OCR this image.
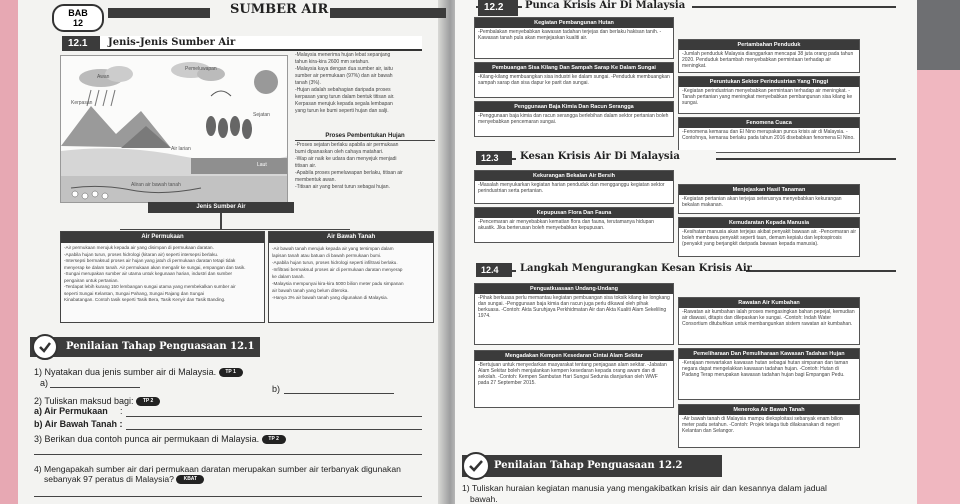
BAB
12
SUMBER AIR
12.1	Jenis-Jenis Sumber Air
Awan
Pemeluwapan
Kerpasan
Sejatan
Air larian
Laut
Aliran air bawah tanah
-Malaysia menerima hujan lebat sepanjang
tahun kira-kira 2600 mm setahun.
-Malaysia kaya dengan dua sumber air, iaitu
sumber air permukaan (97%) dan air bawah
tanah (3%).
-Hujan adalah sebahagian daripada proses
kerpasan yang turun dalam bentuk titisan air.
Kerpasan merujuk kepada segala lembapan
yang turun ke bumi seperti hujan dan salji.
Proses Pembentukan Hujan
-Proses sejatan berlaku apabila air permukaan
bumi dipanaskan oleh cahaya matahari.
-Wap air naik ke udara dan menyejuk menjadi
titisan air.
-Apabila proses pemeluwapan berlaku, titisan air
membentuk awan.
-Titisan air yang berat turun sebagai hujan.
Jenis Sumber Air
Air Permukaan
-Air permukaan merujuk kepada air yang disimpan di permukaan daratan.
-Apabila hujan turun, proses hidrologi (kitaran air) seperti intersepsi berlaku.
-Intersepsi bermaksud proses air hujan yang jatuh di permukaan daratan tetapi tidak
menyerap ke dalam tanah. Air permukaan akan mengalir ke sungai, empangan dan tasik.
-Sungai merupakan sumber air utama untuk kegunaan harian, industri dan sumber
pengairan untuk pertanian.
-Terdapat lebih kurang 150 lembangan sungai utama yang membekalkan sumber air
seperti Sungai Kelantan, Sungai Pahang, Sungai Rajang dan Sungai
Kinabatangan. Contoh tasik seperti Tasik Bera, Tasik Kenyir dan Tasik Banding.
Air Bawah Tanah
-Air bawah tanah merujuk kepada air yang tersimpan dalam
lapisan tanah atau batuan di bawah permukaan bumi.
-Apabila hujan turun, proses hidrologi seperti infiltrasi berlaku.
-Infiltrasi bermaksud proses air di permukaan daratan menyerap
ke dalam tanah.
-Malaysia mempunyai kira-kira 5000 bilion meter padu simpanan
air bawah tanah yang belum diteroka.
-Hanya 3% air bawah tanah yang digunakan di Malaysia.
Penilaian Tahap Penguasaan 12.1
1) Nyatakan dua jenis sumber air di Malaysia. TP 1
a)
b)
2) Tuliskan maksud bagi: TP 2
a) Air Permukaan :
b) Air Bawah Tanah :
3) Berikan dua contoh punca air permukaan di Malaysia. TP 2
4) Mengapakah sumber air dari permukaan daratan merupakan sumber air terbanyak digunakan
sebanyak 97 peratus di Malaysia? KBAT
12.2	Punca Krisis Air Di Malaysia
Kegiatan Pembangunan Hutan
-Pembalakan menyebabkan kawasan tadahan terjejas dan berlaku hakisan tanih. -Kawasan tanah pula akan menjejaskan kualiti air.
Pertambahan Penduduk
-Jumlah penduduk Malaysia dianggarkan mencapai 38 juta orang pada tahun 2020. Penduduk bertambah menyebabkan permintaan terhadap air meningkat.
Pembuangan Sisa Kilang Dan Sampah Sarap Ke Dalam Sungai
-Kilang-kilang membuangkan sisa industri ke dalam sungai. -Penduduk membuangkan sampah sarap dan sisa dapur ke parit dan sungai.	Peruntukan Sektor Perindustrian Yang Tinggi
-Kegiatan perindustrian menyebabkan permintaan terhadap air meningkat. -Tanah pertanian yang meningkat menyebabkan pembangunan sisa kilang ke sungai.
Penggunaan Baja Kimia Dan Racun Serangga
-Penggunaan baja kimia dan racun serangga berlebihan dalam sektor pertanian boleh menyebabkan pencemaran sungai.	Fenomena Cuaca
-Fenomena kemarau dan El Nino merupakan punca krisis air di Malaysia. -Contohnya, kemarau berlaku pada tahun 2016 disebabkan fenomena El Nino.
12.3	Kesan Krisis Air Di Malaysia
Kekurangan Bekalan Air Bersih
-Masalah menyukarkan kegiatan harian penduduk dan mengganggu kegiatan sektor perindustrian serta pertanian.	Menjejaskan Hasil Tanaman
-Kegiatan pertanian akan terjejas seterusnya menyebabkan kekurangan bekalan makanan.
Kepupusan Flora Dan Fauna
-Pencemaran air menyebabkan kematian flora dan fauna, terutamanya hidupan akuatik. Jika berterusan boleh menyebabkan kepupusan.
Kemudaratan Kepada Manusia
-Kesihatan manusia akan terjejas akibat penyakit bawaan air. -Pencemaran air boleh membawa penyakit seperti taun, demam kepialu dan leptospirosis (penyakit yang berjangkit daripada bawaan kepada manusia).
12.4	Langkah Mengurangkan Kesan Krisis Air
Penguatkuasaan Undang-Undang
-Pihak berkuasa perlu memantau kegiatan pembuangan sisa toksik kilang ke longkang dan sungai. -Penggunaan baja kimia dan racun juga perlu dikawal oleh pihak berkuasa. -Contoh: Akta Suruhjaya Perkhidmatan Air dan Akta Kualiti Alam Sekeliling 1974.
Mengadakan Kempen Kesedaran Cintai Alam Sekitar
-Bertujuan untuk menyedarkan masyarakat tentang penjagaan alam sekitar. -Jabatan Alam Sekitar boleh menjalankan kempen kesedaran kepada orang awam dan di sekolah. -Contoh: Kempen Sambutan Hari Sungai Sedunia dianjurkan oleh WWF pada 27 September 2015.
Rawatan Air Kumbahan
-Rawatan air kumbahan ialah proses mengasingkan bahan pepejal, kemudian air diawasi, ditapis dan dilepaskan ke sungai. -Contoh: Indah Water Consortium ditubuhkan untuk membangunkan sistem rawatan air kumbahan.
Pemeliharaan Dan Pemuliharaan Kawasan Tadahan Hujan
-Kerajaan mewartakan kawasan hutan sebagai hutan simpanan dan taman negara dapat mengelakkan kawasan tadahan hujan. -Contoh: Hutan di Padang Terap merupakan kawasan tadahan hujan bagi Empangan Pedu.
Meneroka Air Bawah Tanah
-Air bawah tanah di Malaysia mampu dieksploitasi sebanyak enam bilion meter padu setahun. -Contoh: Projek telaga tiub dilaksanakan di negeri Kelantan dan Selangor.
Penilaian Tahap Penguasaan 12.2
1) Tuliskan huraian kegiatan manusia yang mengakibatkan krisis air dan kesannya dalam jadual
bawah.
